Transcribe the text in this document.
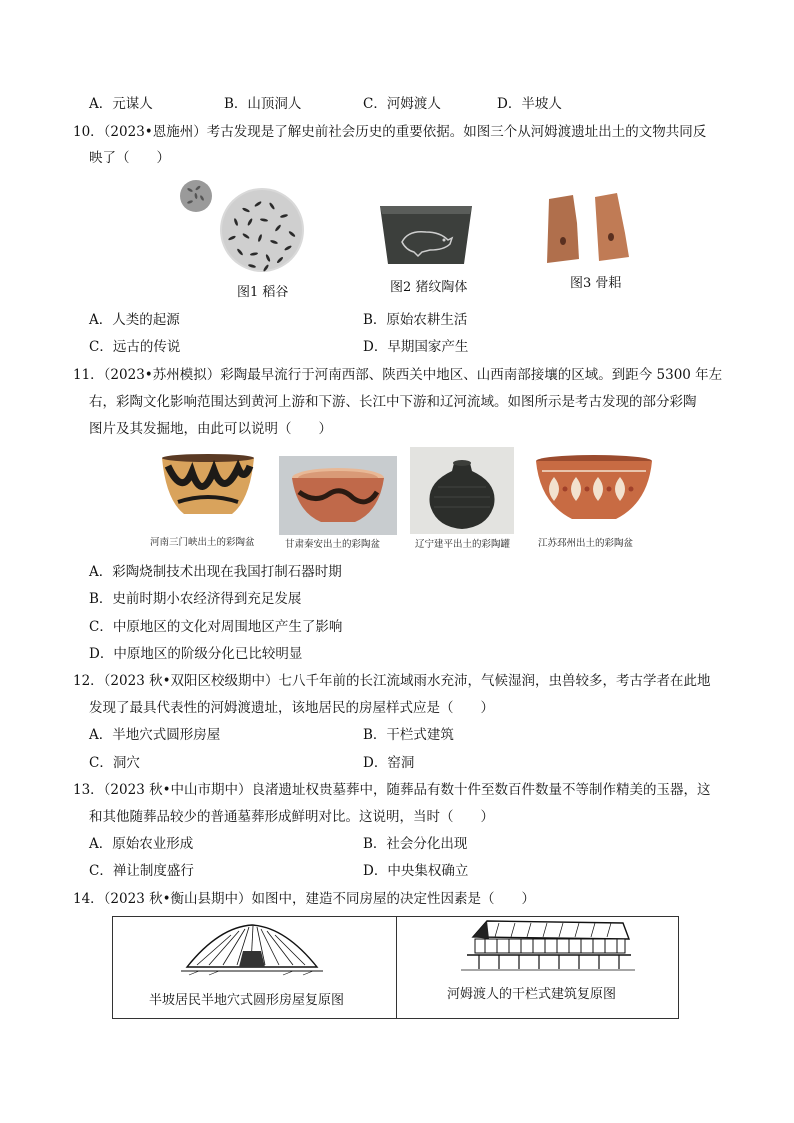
A．元谋人	B．山顶洞人	C．河姆渡人	D．半坡人
10．（2023•恩施州）考古发现是了解史前社会历史的重要依据。如图三个从河姆渡遗址出土的文物共同反
映了（　　）
图1 稻谷	图2 猪纹陶体	图3 骨耜
A．人类的起源	B．原始农耕生活
C．远古的传说	D．早期国家产生
11．（2023•苏州模拟）彩陶最早流行于河南西部、陕西关中地区、山西南部接壤的区域。到距今 5300 年左
右，彩陶文化影响范围达到黄河上游和下游、长江中下游和辽河流域。如图所示是考古发现的部分彩陶
图片及其发掘地，由此可以说明（　　）
河南三门峡出土的彩陶盆	甘肃秦安出土的彩陶盆	辽宁建平出土的彩陶罐	江苏邳州出土的彩陶盆
A．彩陶烧制技术出现在我国打制石器时期
B．史前时期小农经济得到充足发展
C．中原地区的文化对周围地区产生了影响
D．中原地区的阶级分化已比较明显
12．（2023 秋•双阳区校级期中）七八千年前的长江流域雨水充沛，气候湿润，虫兽较多，考古学者在此地
发现了最具代表性的河姆渡遗址，该地居民的房屋样式应是（　　）
A．半地穴式圆形房屋	B．干栏式建筑
C．洞穴	D．窑洞
13．（2023 秋•中山市期中）良渚遗址权贵墓葬中，随葬品有数十件至数百件数量不等制作精美的玉器，这
和其他随葬品较少的普通墓葬形成鲜明对比。这说明，当时（　　）
A．原始农业形成	B．社会分化出现
C．禅让制度盛行	D．中央集权确立
14．（2023 秋•衡山县期中）如图中，建造不同房屋的决定性因素是（　　）
半坡居民半地穴式圆形房屋复原图	河姆渡人的干栏式建筑复原图
